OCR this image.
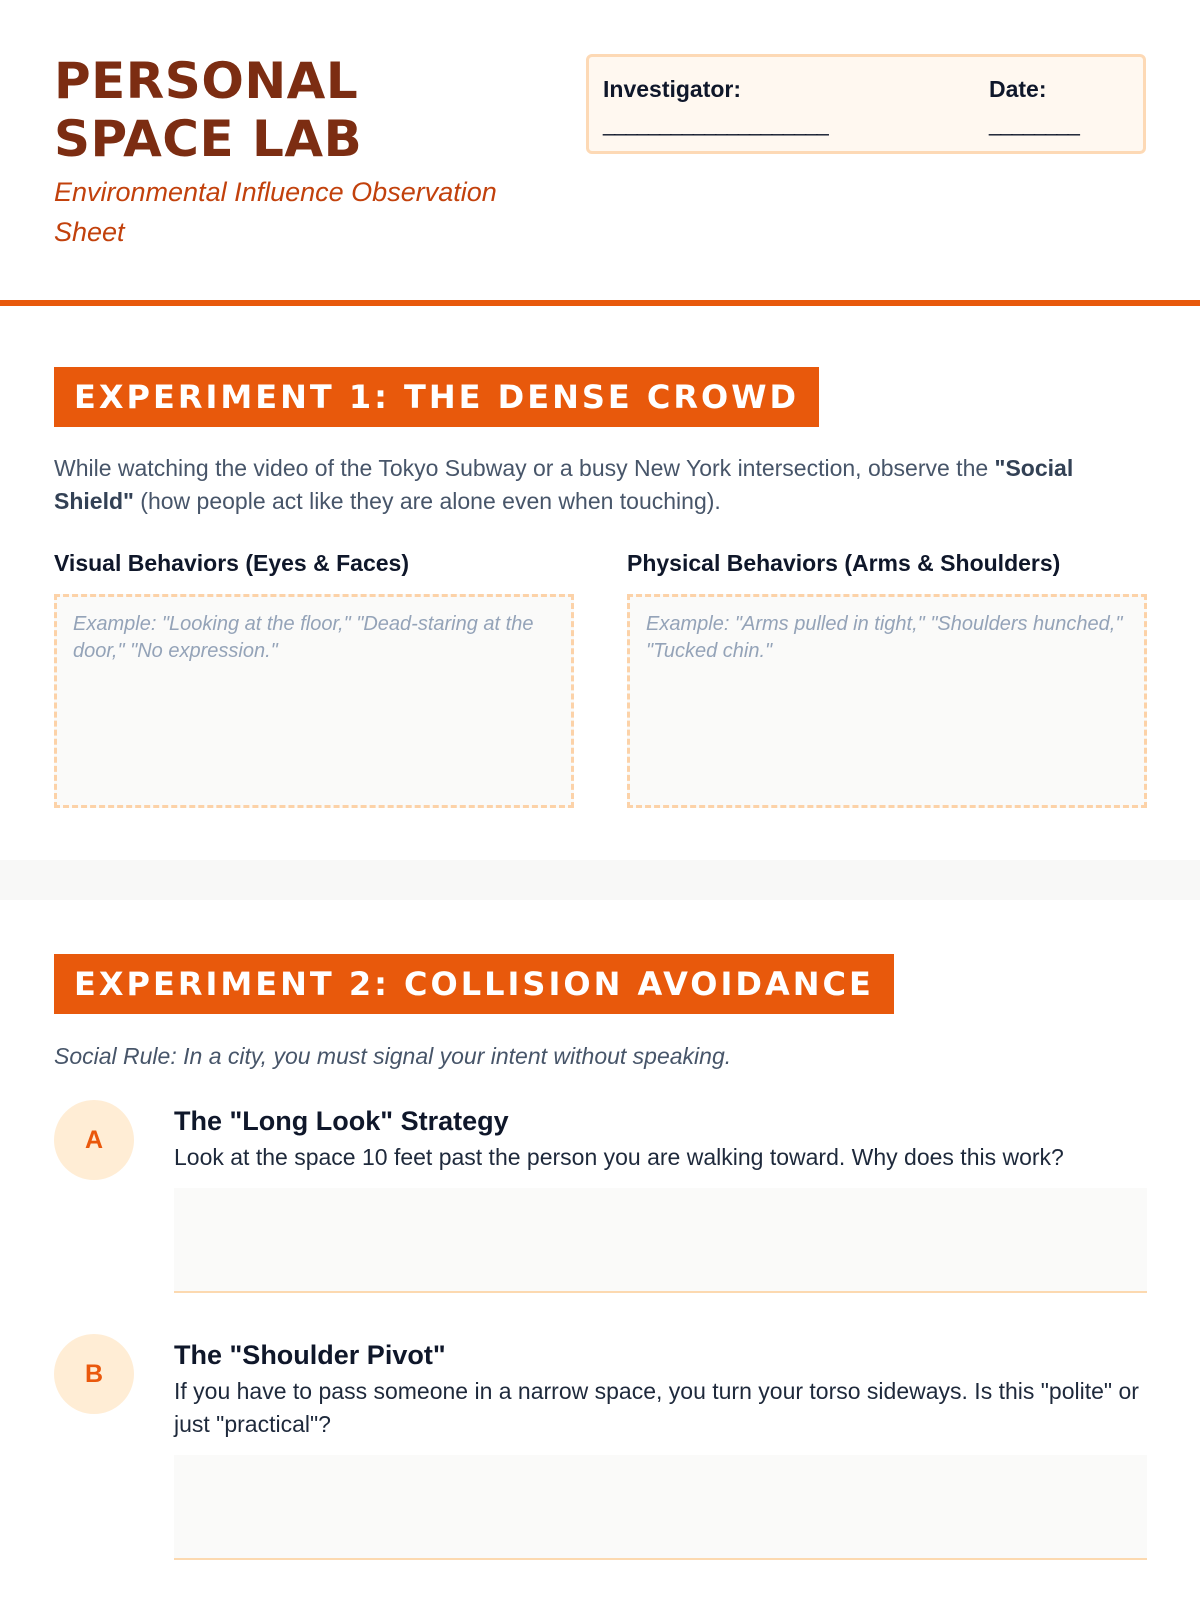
PERSONAL SPACE LAB

Environmental Influence Observation Sheet

Investigator:
____________________
Date:
________
EXPERIMENT 1: THE DENSE CROWD

While watching the video of the Tokyo Subway or a busy New York intersection, observe the "Social Shield" (how people act like they are alone even when touching).

Visual Behaviors (Eyes & Faces)
Example: "Looking at the floor," "Dead-staring at the door," "No expression."
Physical Behaviors (Arms & Shoulders)
Example: "Arms pulled in tight," "Shoulders hunched," "Tucked chin."
EXPERIMENT 2: COLLISION AVOIDANCE

Social Rule: In a city, you must signal your intent without speaking.

A
The "Long Look" Strategy

Look at the space 10 feet past the person you are walking toward. Why does this work?

B
The "Shoulder Pivot"

If you have to pass someone in a narrow space, you turn your torso sideways. Is this "polite" or just "practical"?
